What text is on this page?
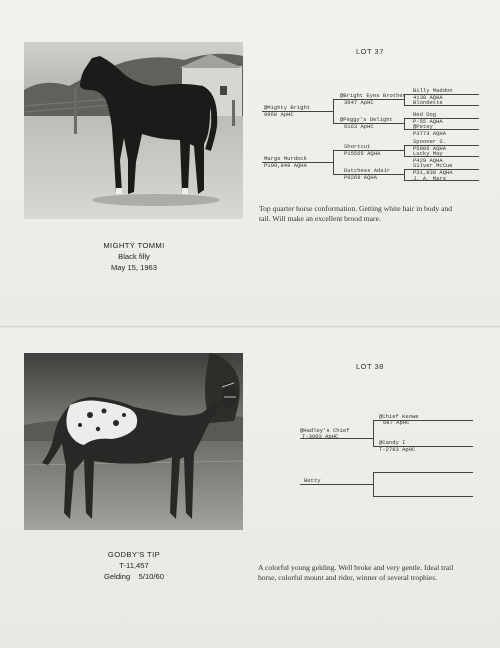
LOT 37
@Mighty Bright
9960 ApHC
Marge Murdock
P109,849 AQHA
@Bright Eyes Brother
3047 ApHC
@Peggy's Delight
6163 ApHC
Shortcut
P15565 AQHA
Dutchess Adair
P9269 AQHA
Billy Maddon
4138 AQHA
Blondette
Red Dog
P-55 AQHA
@Petey
P3773 AQHA
Spooner S.
P5006 AQHA
Lucky May
P429 AQHA
Silver McCue
P31,830 AQHA
J. A. Mare
Top quarter horse conformation. Getting white hair in body and
tail. Will make an excellent brood mare.
MIGHTY TOMMI
Black filly
May 15, 1963
LOT 38
@Hadley's Chief
T-3903 ApHC
Betty
@Chief Keowe
687 ApHC
@Candy I
T-2783 ApHC
A colorful young gelding. Well broke and very gentle. Ideal trail
horse, colorful mount and rider, winner of several trophies.
GODBY'S TIP
T-11,457
Gelding    5/10/60
